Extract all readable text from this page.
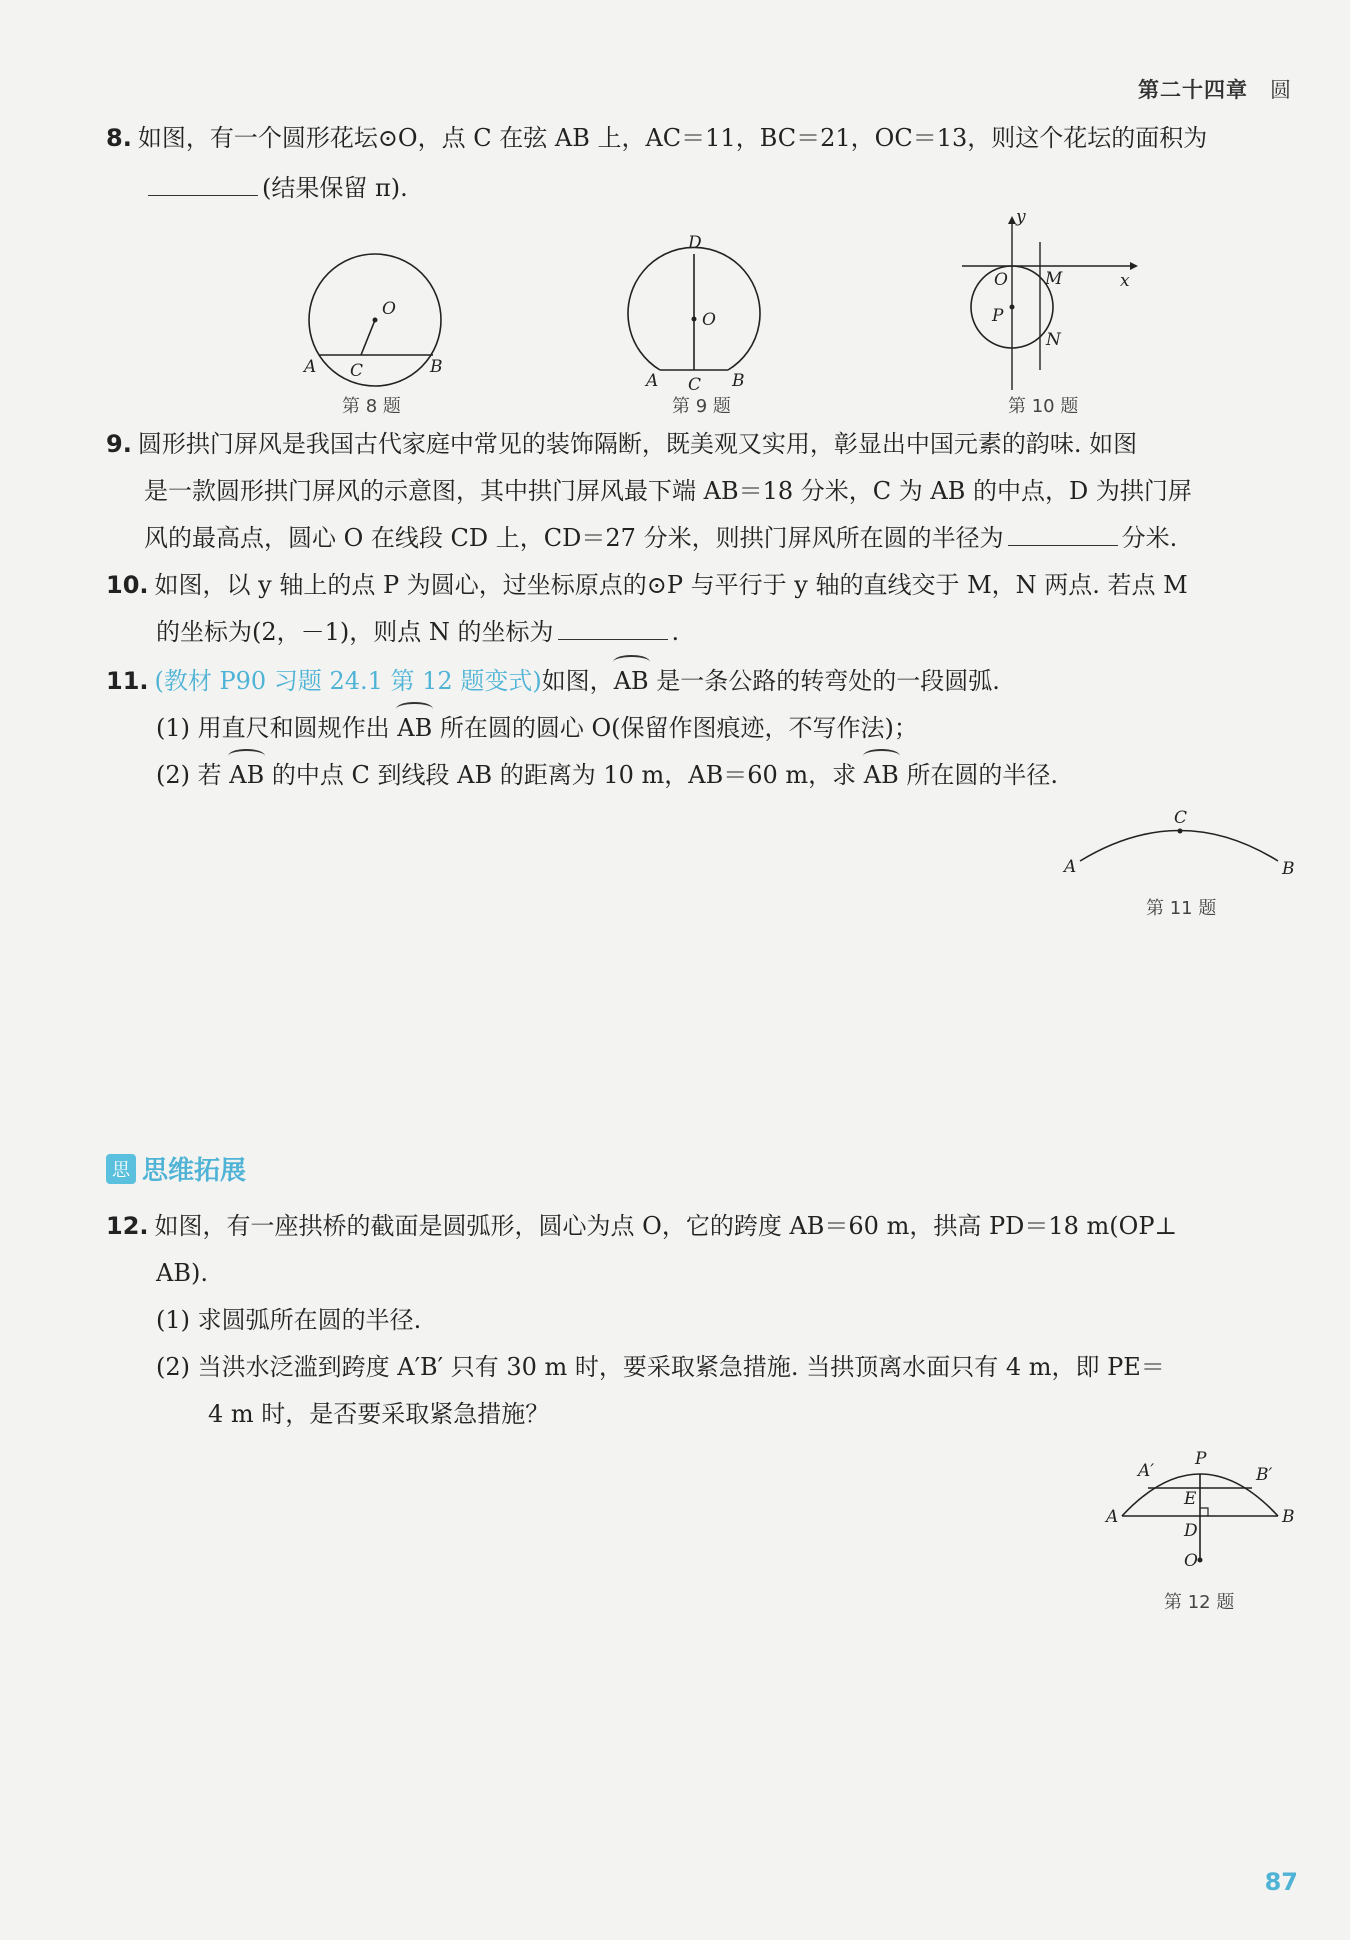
第二十四章 圆
8. 如图，有一个圆形花坛⊙O，点 C 在弦 AB 上，AC＝11，BC＝21，OC＝13，则这个花坛的面积为
(结果保留 π).
O
A C	B
第 8 题
D
O
A C B
第 9 题
y
x
O M
P
N
第 10 题
9. 圆形拱门屏风是我国古代家庭中常见的装饰隔断，既美观又实用，彰显出中国元素的韵味. 如图
是一款圆形拱门屏风的示意图，其中拱门屏风最下端 AB＝18 分米，C 为 AB 的中点，D 为拱门屏
风的最高点，圆心 O 在线段 CD 上，CD＝27 分米，则拱门屏风所在圆的半径为	分米.
10. 如图，以 y 轴上的点 P 为圆心，过坐标原点的⊙P 与平行于 y 轴的直线交于 M，N 两点. 若点 M
的坐标为(2，－1)，则点 N 的坐标为	.
11. (教材 P90 习题 24.1 第 12 题变式)如图，AB 是一条公路的转弯处的一段圆弧.
(1) 用直尺和圆规作出 AB 所在圆的圆心 O(保留作图痕迹，不写作法)；
(2) 若 AB 的中点 C 到线段 AB 的距离为 10 m，AB＝60 m，求 AB 所在圆的半径.
C
A	B
第 11 题
思 思维拓展
12. 如图，有一座拱桥的截面是圆弧形，圆心为点 O，它的跨度 AB＝60 m，拱高 PD＝18 m(OP⊥
AB).
(1) 求圆弧所在圆的半径.
(2) 当洪水泛滥到跨度 A′B′ 只有 30 m 时，要采取紧急措施. 当拱顶离水面只有 4 m，即 PE＝
4 m 时，是否要采取紧急措施？
P
A′	B′
E
A	B
D
O
第 12 题
87
